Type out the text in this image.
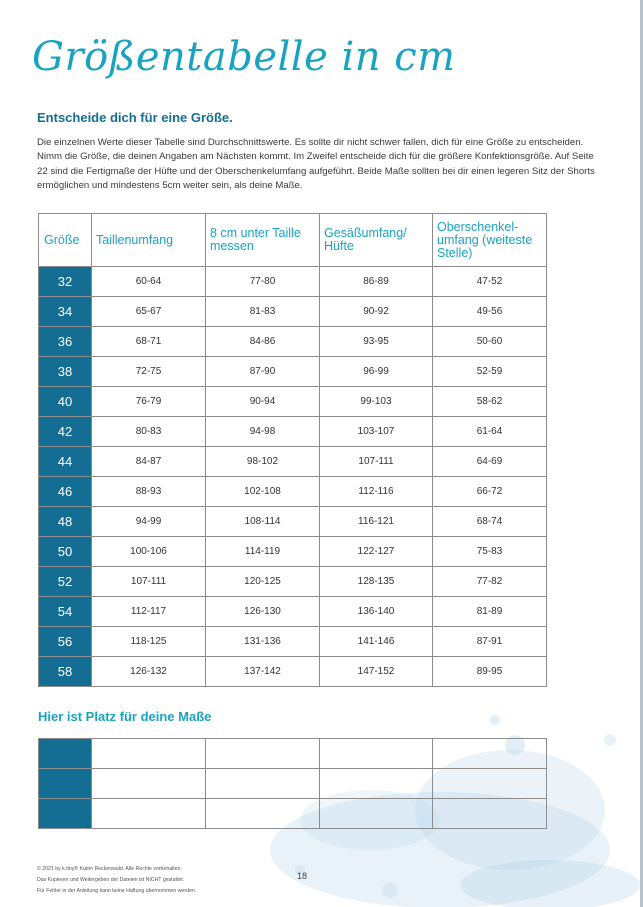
Größentabelle in cm
Entscheide dich für eine Größe.

Die einzelnen Werte dieser Tabelle sind Durchschnittswerte. Es sollte dir nicht schwer fallen, dich für eine Größe zu entscheiden. Nimm die Größe, die deinen Angaben am Nächsten kommt. Im Zweifel entscheide dich für die größere Konfektionsgröße. Auf Seite 22 sind die Fertigmaße der Hüfte und der Oberschenkelumfang aufgeführt. Beide Maße sollten bei dir einen legeren Sitz der Shorts ermöglichen und mindestens 5cm weiter sein, als deine Maße.

Größe	Taillenumfang	8 cm unter Taille messen	Gesäßumfang/ Hüfte	Oberschenkel-umfang (weiteste Stelle)
32	60-64	77-80	86-89	47-52
34	65-67	81-83	90-92	49-56
36	68-71	84-86	93-95	50-60
38	72-75	87-90	96-99	52-59
40	76-79	90-94	99-103	58-62
42	80-83	94-98	103-107	61-64
44	84-87	98-102	107-111	64-69
46	88-93	102-108	112-116	66-72
48	94-99	108-114	116-121	68-74
50	100-106	114-119	122-127	75-83
52	107-111	120-125	128-135	77-82
54	112-117	126-130	136-140	81-89
56	118-125	131-136	141-146	87-91
58	126-132	137-142	147-152	89-95
Hier ist Platz für deine Maße

© 2021 by k.tiny® Katrin Reckenwald. Alle Rechte vorbehalten.
Das Kopieren und Weitergeben der Dateien ist NICHT gestattet.
Für Fehler in der Anleitung kann keine Haftung übernommen werden.

18
